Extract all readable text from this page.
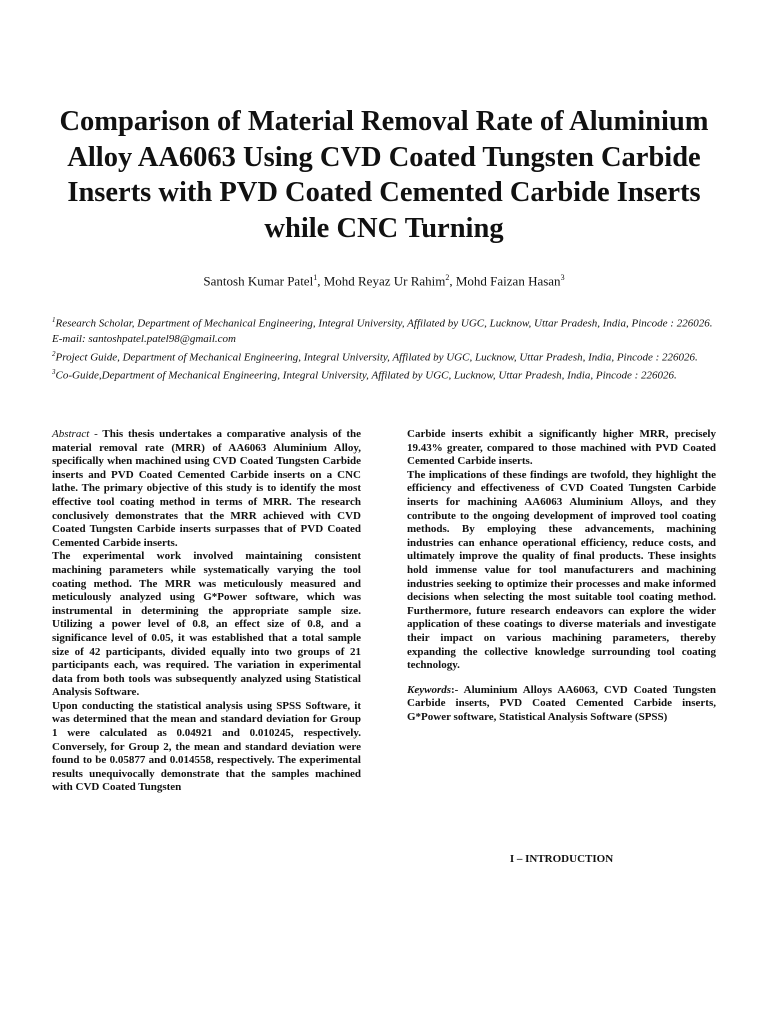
Comparison of Material Removal Rate of Aluminium Alloy AA6063 Using CVD Coated Tungsten Carbide Inserts with PVD Coated Cemented Carbide Inserts while CNC Turning
Santosh Kumar Patel$^1$, Mohd Reyaz Ur Rahim$^2$, Mohd Faizan Hasan$^3$

$^1$Research Scholar, Department of Mechanical Engineering, Integral University, Affilated by UGC, Lucknow, Uttar Pradesh, India, Pincode : 226026. E-mail: santoshpatel.patel98@gmail.com

$^2$Project Guide, Department of Mechanical Engineering, Integral University, Affilated by UGC, Lucknow, Uttar Pradesh, India, Pincode : 226026.

$^3$Co-Guide,Department of Mechanical Engineering, Integral University, Affilated by UGC, Lucknow, Uttar Pradesh, India, Pincode : 226026.

Abstract - This thesis undertakes a comparative analysis of the material removal rate (MRR) of AA6063 Aluminium Alloy, specifically when machined using CVD Coated Tungsten Carbide inserts and PVD Coated Cemented Carbide inserts on a CNC lathe. The primary objective of this study is to identify the most effective tool coating method in terms of MRR. The research conclusively demonstrates that the MRR achieved with CVD Coated Tungsten Carbide inserts surpasses that of PVD Coated Cemented Carbide inserts.

The experimental work involved maintaining consistent machining parameters while systematically varying the tool coating method. The MRR was meticulously measured and meticulously analyzed using G*Power software, which was instrumental in determining the appropriate sample size. Utilizing a power level of 0.8, an effect size of 0.8, and a significance level of 0.05, it was established that a total sample size of 42 participants, divided equally into two groups of 21 participants each, was required. The variation in experimental data from both tools was subsequently analyzed using Statistical Analysis Software.

Upon conducting the statistical analysis using SPSS Software, it was determined that the mean and standard deviation for Group 1 were calculated as 0.04921 and 0.010245, respectively. Conversely, for Group 2, the mean and standard deviation were found to be 0.05877 and 0.014558, respectively. The experimental results unequivocally demonstrate that the samples machined with CVD Coated Tungsten

Carbide inserts exhibit a significantly higher MRR, precisely 19.43% greater, compared to those machined with PVD Coated Cemented Carbide inserts.

The implications of these findings are twofold, they highlight the efficiency and effectiveness of CVD Coated Tungsten Carbide inserts for machining AA6063 Aluminium Alloys, and they contribute to the ongoing development of improved tool coating methods. By employing these advancements, machining industries can enhance operational efficiency, reduce costs, and ultimately improve the quality of final products. These insights hold immense value for tool manufacturers and machining industries seeking to optimize their processes and make informed decisions when selecting the most suitable tool coating method. Furthermore, future research endeavors can explore the wider application of these coatings to diverse materials and investigate their impact on various machining parameters, thereby expanding the collective knowledge surrounding tool coating technology.

Keywords:- Aluminium Alloys AA6063, CVD Coated Tungsten Carbide inserts, PVD Coated Cemented Carbide inserts, G*Power software, Statistical Analysis Software (SPSS)

I – INTRODUCTION
